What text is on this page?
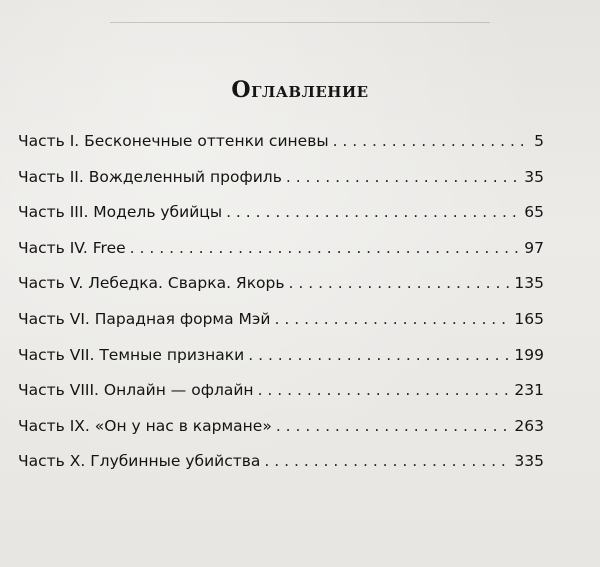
Оглавление
Часть I. Бесконечные оттенки синевы . . .	5
Часть II. Вожделенный профиль . . .	35
Часть III. Модель убийцы . . .	65
Часть IV. Free . . .	97
Часть V. Лебедка. Сварка. Якорь . . .	135
Часть VI. Парадная форма Мэй . . .	165
Часть VII. Темные признаки . . .	199
Часть VIII. Онлайн — офлайн . . .	231
Часть IX. «Он у нас в кармане» . . .	263
Часть X. Глубинные убийства . . .	335
